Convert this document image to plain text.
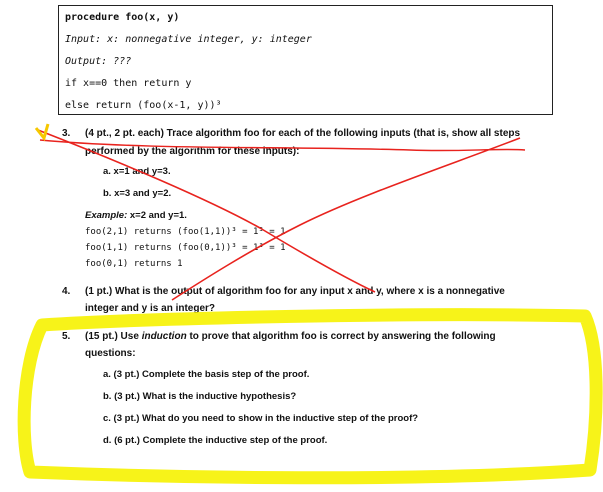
procedure foo(x, y)
Input: x: nonnegative integer, y: integer
Output: ???
if x==0 then return y
else return (foo(x-1, y))³
3. (4 pt., 2 pt. each) Trace algorithm foo for each of the following inputs (that is, show all steps
performed by the algorithm for these inputs):
a. x=1 and y=3.
b. x=3 and y=2.
Example: x=2 and y=1.
foo(2,1) returns (foo(1,1))³ = 1³ = 1
foo(1,1) returns (foo(0,1))³ = 1³ = 1
foo(0,1) returns 1
4. (1 pt.) What is the output of algorithm foo for any input x and y, where x is a nonnegative
integer and y is an integer?
5. (15 pt.) Use induction to prove that algorithm foo is correct by answering the following
questions:
a. (3 pt.) Complete the basis step of the proof.
b. (3 pt.) What is the inductive hypothesis?
c. (3 pt.) What do you need to show in the inductive step of the proof?
d. (6 pt.) Complete the inductive step of the proof.
